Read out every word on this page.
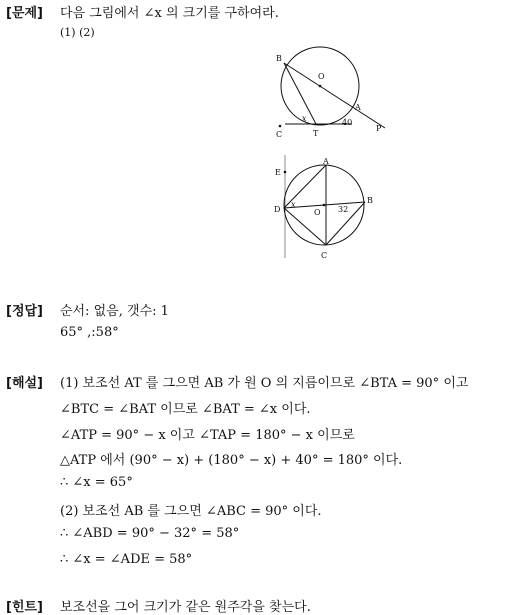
[문제] 다음 그림에서 ∠x 의 크기를 구하여라.
(1) (2)
B
O
A
P
C	T
x	40
A
E
D	O
B
C
x
32
[정답] 순서: 없음, 갯수: 1
65° ,:58°
[해설] (1) 보조선 AT 를 그으면 AB 가 원 O 의 지름이므로 ∠BTA = 90° 이고
∠BTC = ∠BAT 이므로 ∠BAT = ∠x 이다.
∠ATP = 90° − x 이고 ∠TAP = 180° − x 이므로
△ATP 에서 (90° − x) + (180° − x) + 40° = 180° 이다.
∴ ∠x = 65°
(2) 보조선 AB 를 그으면 ∠ABC = 90° 이다.
∴ ∠ABD = 90° − 32° = 58°
∴ ∠x = ∠ADE = 58°
[힌트] 보조선을 그어 크기가 같은 원주각을 찾는다.
